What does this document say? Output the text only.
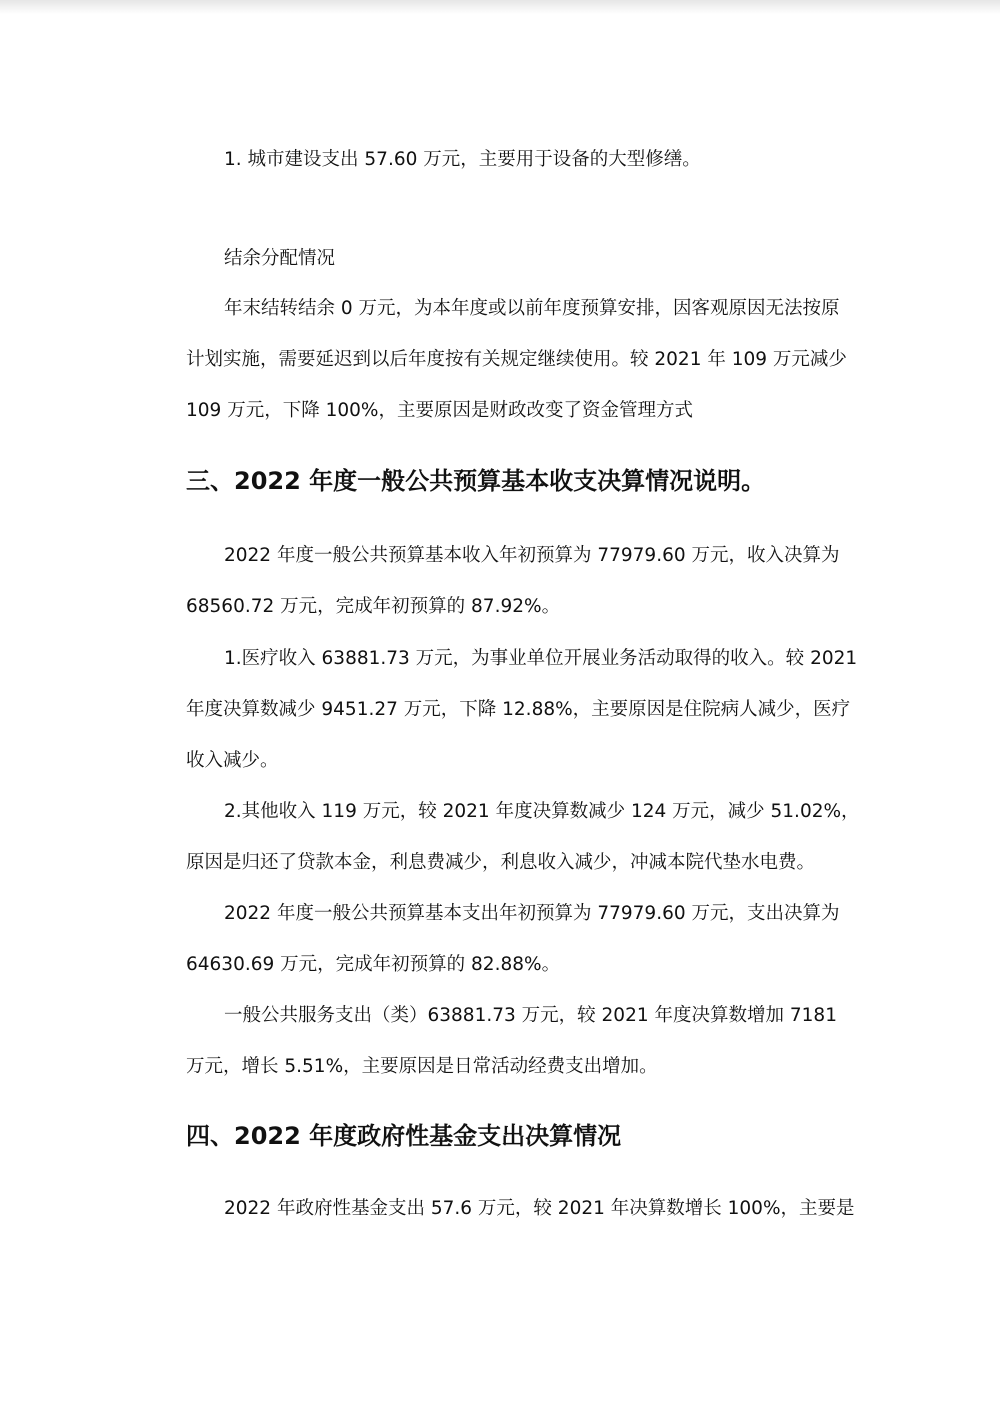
1. 城市建设支出 57.60 万元，主要用于设备的大型修缮。
结余分配情况
年末结转结余 0 万元，为本年度或以前年度预算安排，因客观原因无法按原
计划实施，需要延迟到以后年度按有关规定继续使用。较 2021 年 109 万元减少
109 万元，下降 100%，主要原因是财政改变了资金管理方式
三、2022 年度一般公共预算基本收支决算情况说明。
2022 年度一般公共预算基本收入年初预算为 77979.60 万元，收入决算为
68560.72 万元，完成年初预算的 87.92%。
1.医疗收入 63881.73 万元，为事业单位开展业务活动取得的收入。较 2021
年度决算数减少 9451.27 万元，下降 12.88%，主要原因是住院病人减少，医疗
收入减少。
2.其他收入 119 万元，较 2021 年度决算数减少 124 万元，减少 51.02%，
原因是归还了贷款本金，利息费减少，利息收入减少，冲减本院代垫水电费。
2022 年度一般公共预算基本支出年初预算为 77979.60 万元，支出决算为
64630.69 万元，完成年初预算的 82.88%。
一般公共服务支出（类）63881.73 万元，较 2021 年度决算数增加 7181
万元，增长 5.51%，主要原因是日常活动经费支出增加。
四、2022 年度政府性基金支出决算情况
2022 年政府性基金支出 57.6 万元，较 2021 年决算数增长 100%，主要是
